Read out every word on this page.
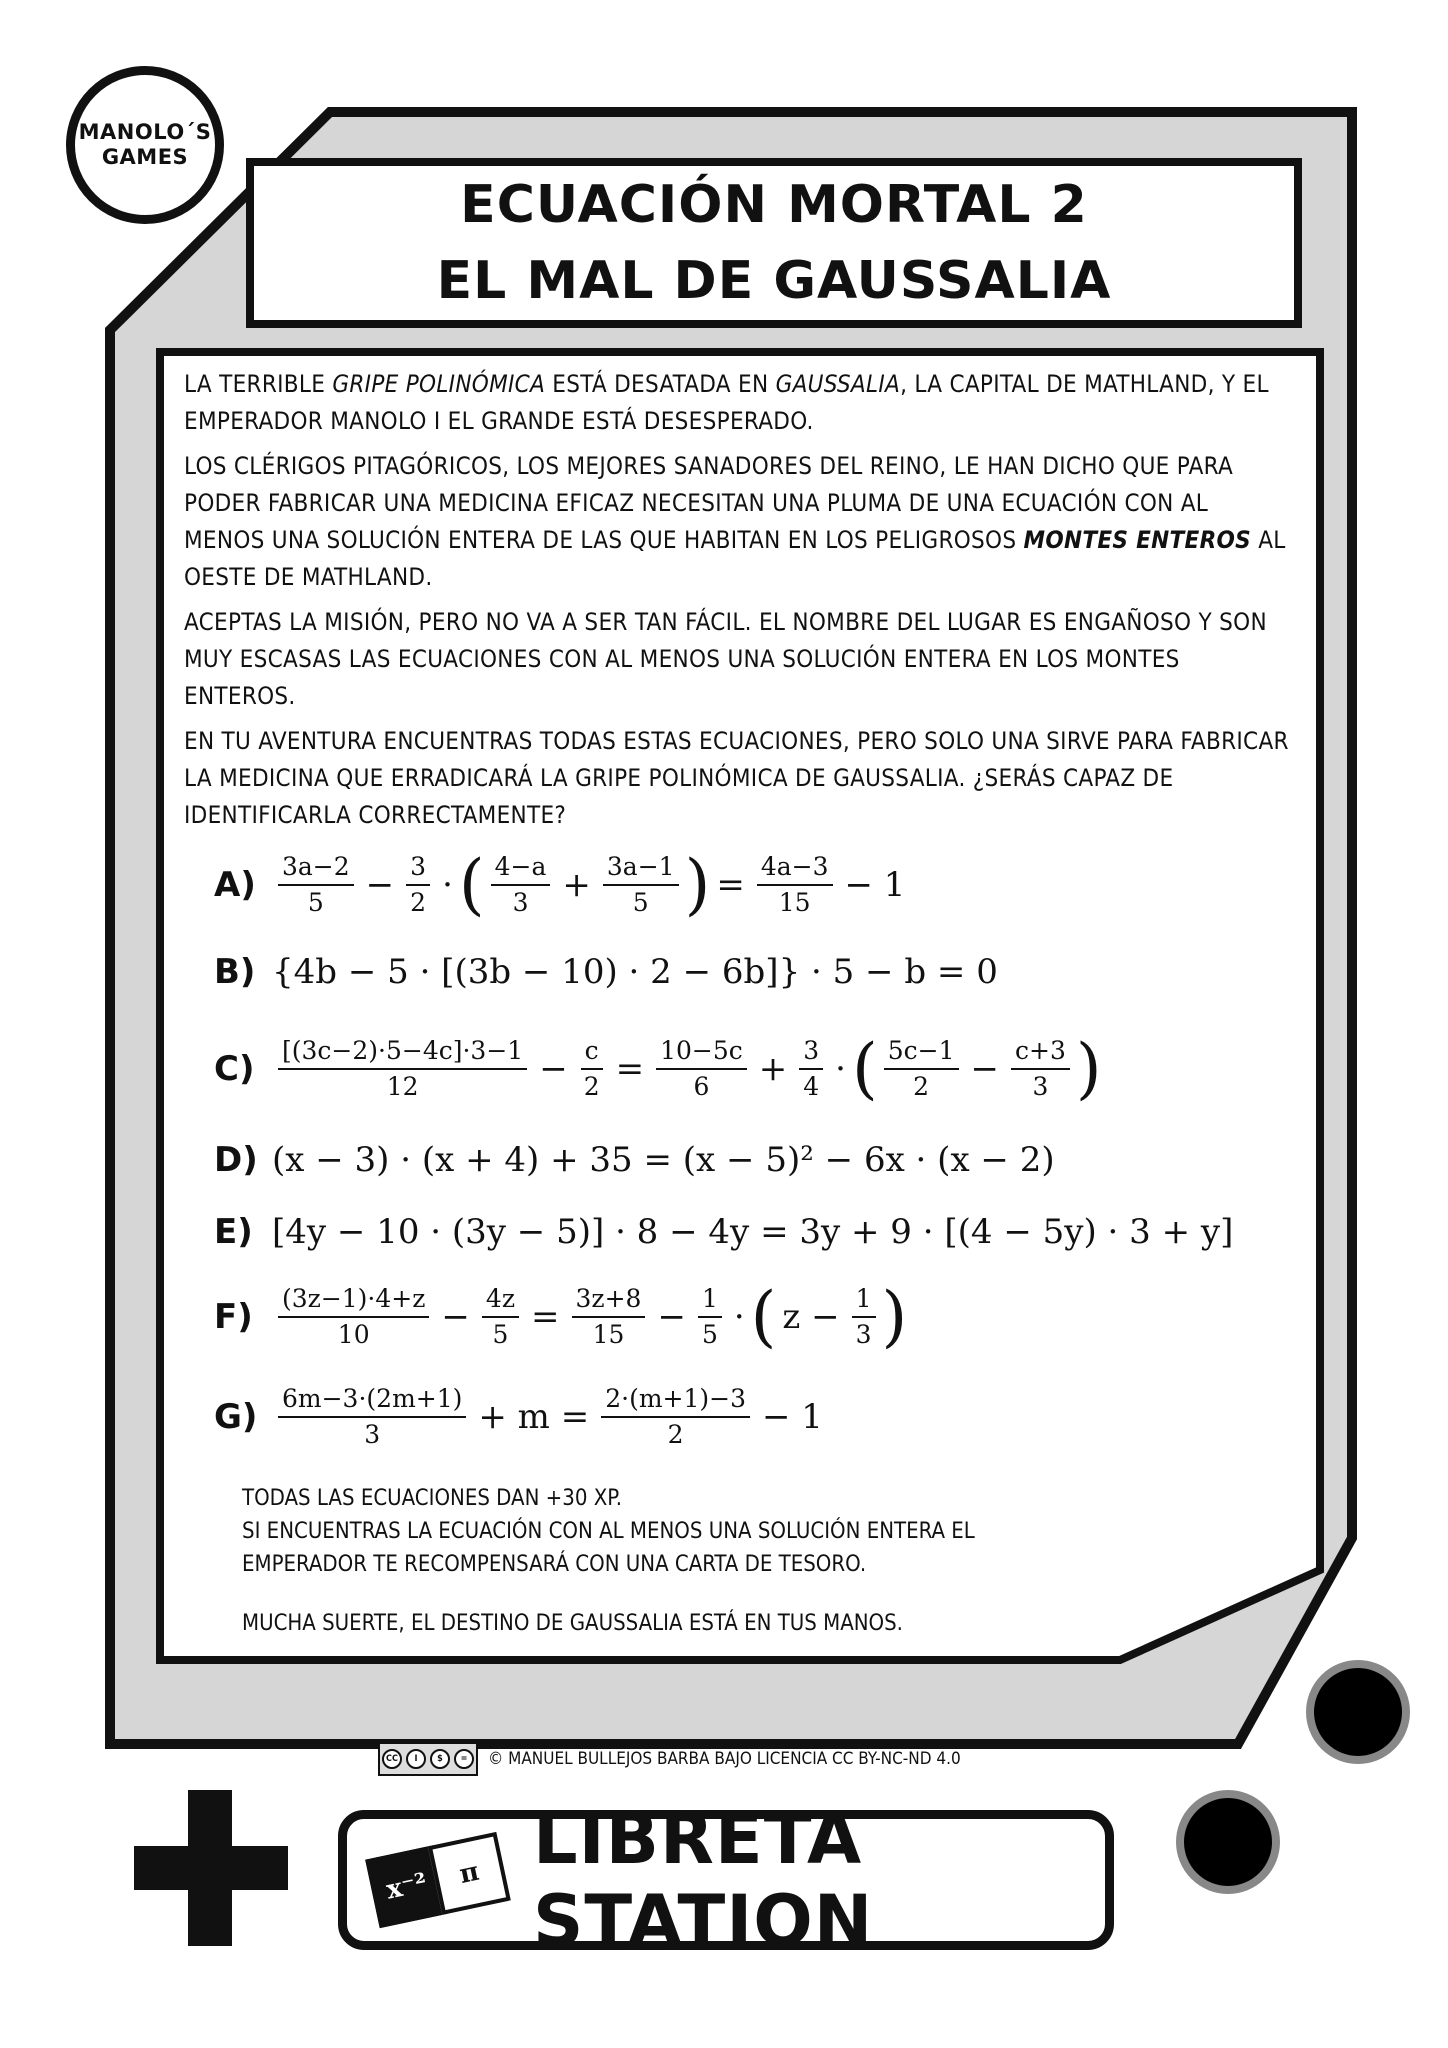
MANOLO´S
GAMES
ECUACIÓN MORTAL 2
EL MAL DE GAUSSALIA

LA TERRIBLE GRIPE POLINÓMICA ESTÁ DESATADA EN GAUSSALIA, LA CAPITAL DE MATHLAND, Y EL EMPERADOR MANOLO I EL GRANDE ESTÁ DESESPERADO.

LOS CLÉRIGOS PITAGÓRICOS, LOS MEJORES SANADORES DEL REINO, LE HAN DICHO QUE PARA PODER FABRICAR UNA MEDICINA EFICAZ NECESITAN UNA PLUMA DE UNA ECUACIÓN CON AL MENOS UNA SOLUCIÓN ENTERA DE LAS QUE HABITAN EN LOS PELIGROSOS MONTES ENTEROS AL OESTE DE MATHLAND.

ACEPTAS LA MISIÓN, PERO NO VA A SER TAN FÁCIL. EL NOMBRE DEL LUGAR ES ENGAÑOSO Y SON MUY ESCASAS LAS ECUACIONES CON AL MENOS UNA SOLUCIÓN ENTERA EN LOS MONTES ENTEROS.

EN TU AVENTURA ENCUENTRAS TODAS ESTAS ECUACIONES, PERO SOLO UNA SIRVE PARA FABRICAR LA MEDICINA QUE ERRADICARÁ LA GRIPE POLINÓMICA DE GAUSSALIA. ¿SERÁS CAPAZ DE IDENTIFICARLA CORRECTAMENTE?

$A) \frac{3a-2}{5} - \frac{3}{2}$ · ( $\frac{4-a}{3} + \frac{3a-1}{5}$ ) = $\frac{4a-3}{15} - 1$
B) {4b − 5 · [(3b − 10) · 2 − 6b]} · 5 − b = 0
$C) \frac{[(3c-2)\cdot 5-4c]\cdot 3-1}{12} - \frac{c}{2} = \frac{10-5c}{6} + \frac{3}{4}$ · ( $\frac{5c-1}{2} - \frac{c+3}{3}$ )
D) (x − 3) · (x + 4) + 35 = (x − 5)² − 6x · (x − 2)
E) [4y − 10 · (3y − 5)] · 8 − 4y = 3y + 9 · [(4 − 5y) · 3 + y]
F)	$\frac{(3z-1)\cdot 4+z}{10} - \frac{4z}{5} = \frac{3z+8}{15} - \frac{1}{5}$ · ( $z - \frac{1}{3}$ )
$G) \frac{6m-3\cdot(2m+1)}{3} + m = \frac{2\cdot(m+1)-3}{2} - 1$

TODAS LAS ECUACIONES DAN +30 XP.

SI ENCUENTRAS LA ECUACIÓN CON AL MENOS UNA SOLUCIÓN ENTERA EL EMPERADOR TE RECOMPENSARÁ CON UNA CARTA DE TESORO.

MUCHA SUERTE, EL DESTINO DE GAUSSALIA ESTÁ EN TUS MANOS.

CC	I	$	=	© MANUEL BULLEJOS BARBA BAJO LICENCIA CC BY-NC-ND 4.0
x⁻²	π LIBRETA STATION
